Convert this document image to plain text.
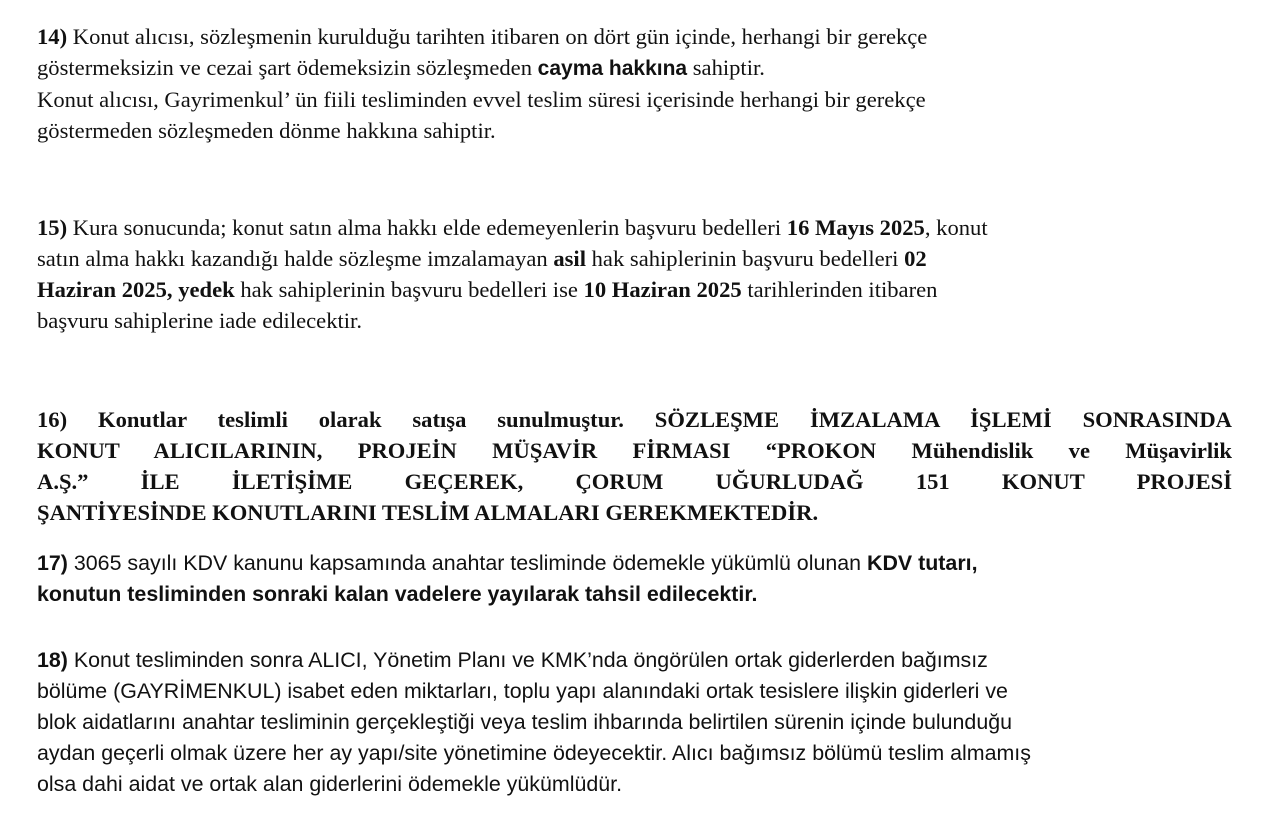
14) Konut alıcısı, sözleşmenin kurulduğu tarihten itibaren on dört gün içinde, herhangi bir gerekçe
göstermeksizin ve cezai şart ödemeksizin sözleşmeden cayma hakkına sahiptir.
Konut alıcısı, Gayrimenkul’ ün fiili tesliminden evvel teslim süresi içerisinde herhangi bir gerekçe
göstermeden sözleşmeden dönme hakkına sahiptir.

15) Kura sonucunda; konut satın alma hakkı elde edemeyenlerin başvuru bedelleri 16 Mayıs 2025, konut
satın alma hakkı kazandığı halde sözleşme imzalamayan asil hak sahiplerinin başvuru bedelleri 02
Haziran 2025, yedek hak sahiplerinin başvuru bedelleri ise 10 Haziran 2025 tarihlerinden itibaren
başvuru sahiplerine iade edilecektir.

16) Konutlar teslimli olarak satışa sunulmuştur. SÖZLEŞME İMZALAMA İŞLEMİ SONRASINDA
KONUT ALICILARININ, PROJEİN MÜŞAVİR FİRMASI “PROKON Mühendislik ve Müşavirlik
A.Ş.” İLE İLETİŞİME GEÇEREK, ÇORUM UĞURLUDAĞ 151 KONUT PROJESİ
ŞANTİYESİNDE KONUTLARINI TESLİM ALMALARI GEREKMEKTEDİR.

17) 3065 sayılı KDV kanunu kapsamında anahtar tesliminde ödemekle yükümlü olunan KDV tutarı,
konutun tesliminden sonraki kalan vadelere yayılarak tahsil edilecektir.

18) Konut tesliminden sonra ALICI, Yönetim Planı ve KMK’nda öngörülen ortak giderlerden bağımsız
bölüme (GAYRİMENKUL) isabet eden miktarları, toplu yapı alanındaki ortak tesislere ilişkin giderleri ve
blok aidatlarını anahtar tesliminin gerçekleştiği veya teslim ihbarında belirtilen sürenin içinde bulunduğu
aydan geçerli olmak üzere her ay yapı/site yönetimine ödeyecektir. Alıcı bağımsız bölümü teslim almamış
olsa dahi aidat ve ortak alan giderlerini ödemekle yükümlüdür.
